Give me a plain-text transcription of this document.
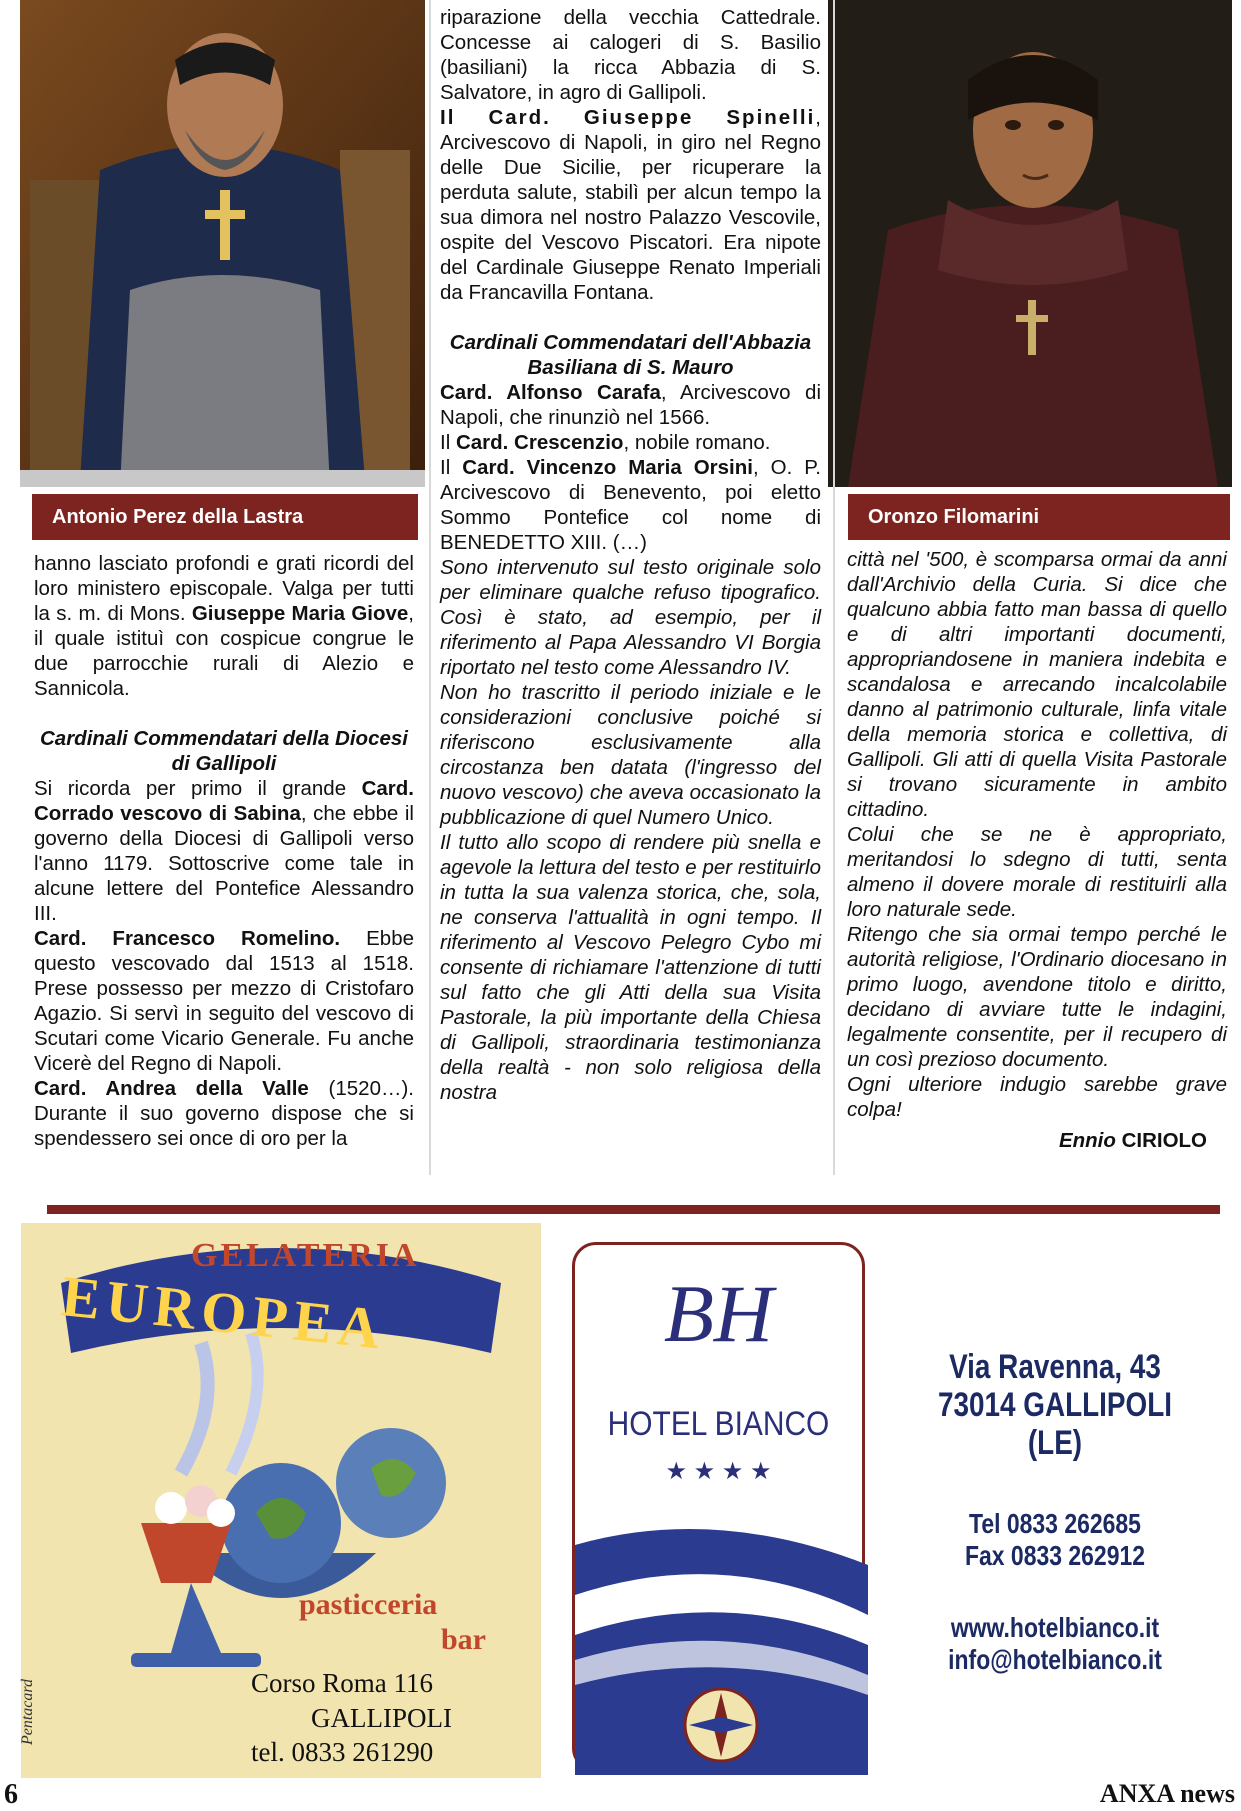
Antonio Perez della Lastra	Oronzo Filomarini

hanno lasciato profondi e grati ricordi del loro ministero episcopale. Valga per tutti la s. m. di Mons. Giuseppe Maria Giove, il quale istituì con cospicue congrue le due parrocchie rurali di Alezio e Sannicola.

Cardinali Commendatari della Diocesi di Gallipoli

Si ricorda per primo il grande Card. Corrado vescovo di Sabina, che ebbe il governo della Diocesi di Gallipoli verso l'anno 1179. Sottoscrive come tale in alcune lettere del Pontefice Alessandro III.

Card. Francesco Romelino. Ebbe questo vescovado dal 1513 al 1518. Prese possesso per mezzo di Cristofaro Agazio. Si servì in seguito del vescovo di Scutari come Vicario Generale. Fu anche Vicerè del Regno di Napoli.

Card. Andrea della Valle (1520…). Durante il suo governo dispose che si spendessero sei once di oro per la

riparazione della vecchia Cattedrale. Concesse ai calogeri di S. Basilio (basiliani) la ricca Abbazia di S. Salvatore, in agro di Gallipoli.

Il Card. Giuseppe Spinelli, Arcivescovo di Napoli, in giro nel Regno delle Due Sicilie, per ricuperare la perduta salute, stabilì per alcun tempo la sua dimora nel nostro Palazzo Vescovile, ospite del Vescovo Piscatori. Era nipote del Cardinale Giuseppe Renato Imperiali da Francavilla Fontana.

Cardinali Commendatari dell'Abbazia Basiliana di S. Mauro

Card. Alfonso Carafa, Arcivescovo di Napoli, che rinunziò nel 1566.

Il Card. Crescenzio, nobile romano.

Il Card. Vincenzo Maria Orsini, O. P. Arcivescovo di Benevento, poi eletto Sommo Pontefice col nome di BENEDETTO XIII. (…)

Sono intervenuto sul testo originale solo per eliminare qualche refuso tipografico. Così è stato, ad esempio, per il riferimento al Papa Alessandro VI Borgia riportato nel testo come Alessandro IV.

Non ho trascritto il periodo iniziale e le considerazioni conclusive poiché si riferiscono esclusivamente alla circostanza ben datata (l'ingresso del nuovo vescovo) che aveva occasionato la pubblicazione di quel Numero Unico.

Il tutto allo scopo di rendere più snella e agevole la lettura del testo e per restituirlo in tutta la sua valenza storica, che, sola, ne conserva l'attualità in ogni tempo. Il riferimento al Vescovo Pelegro Cybo mi consente di richiamare l'attenzione di tutti sul fatto che gli Atti della sua Visita Pastorale, la più importante della Chiesa di Gallipoli, straordinaria testimonianza della realtà - non solo religiosa della nostra

città nel '500, è scomparsa ormai da anni dall'Archivio della Curia. Si dice che qualcuno abbia fatto man bassa di quello e di altri importanti documenti, appropriandosene in maniera indebita e scandalosa e arrecando incalcolabile danno al patrimonio culturale, linfa vitale della memoria storica e collettiva, di Gallipoli. Gli atti di quella Visita Pastorale si trovano sicuramente in ambito cittadino.

Colui che se ne è appropriato, meritandosi lo sdegno di tutti, senta almeno il dovere morale di restituirli alla loro naturale sede.

Ritengo che sia ormai tempo perché le autorità religiose, l'Ordinario diocesano in primo luogo, avendone titolo e diritto, decidano di avviare tutte le indagini, legalmente consentite, per il recupero di un così prezioso documento.

Ogni ulteriore indugio sarebbe grave colpa!

Ennio CIRIOLO

GELATERIA
EUROPEA
pasticceria
bar
Corso Roma 116
GALLIPOLI
tel. 0833 261290
Pentacard
BH
HOTEL BIANCO
★ ★ ★ ★
Via Ravenna, 43
73014 GALLIPOLI (LE)
Tel 0833 262685
Fax 0833 262912
www.hotelbianco.it
info@hotelbianco.it
6	ANXA news
